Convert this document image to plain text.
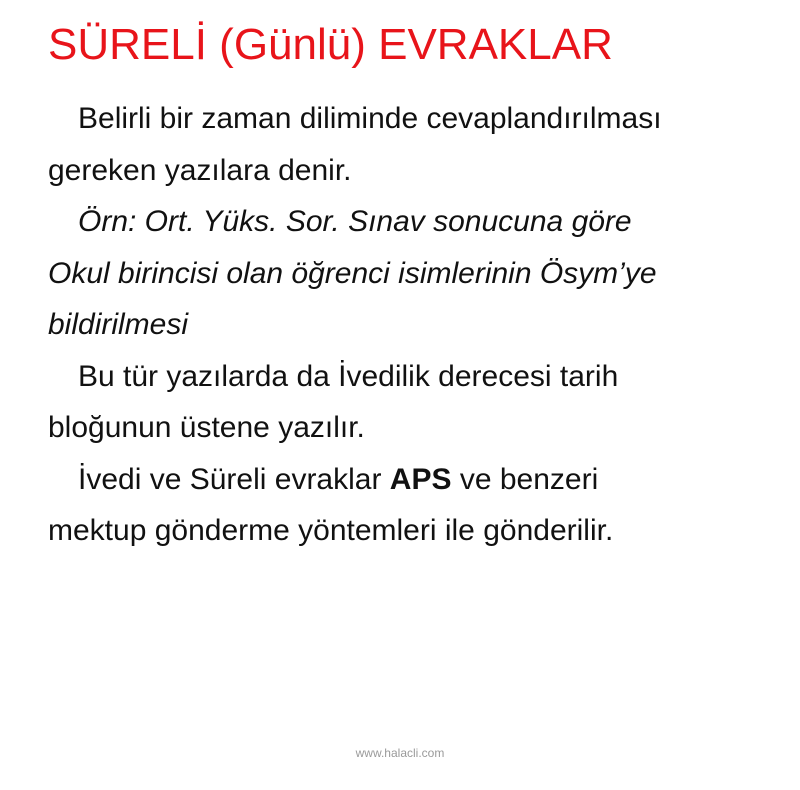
SÜRELİ (Günlü) EVRAKLAR

Belirli bir zaman diliminde cevaplandırılması
gereken yazılara denir.

Örn: Ort. Yüks. Sor. Sınav sonucuna göre
Okul birincisi olan öğrenci isimlerinin Ösym’ye
bildirilmesi

Bu tür yazılarda da İvedilik derecesi tarih
bloğunun üstene yazılır.

İvedi ve Süreli evraklar APS ve benzeri
mektup gönderme yöntemleri ile gönderilir.

www.halacli.com
